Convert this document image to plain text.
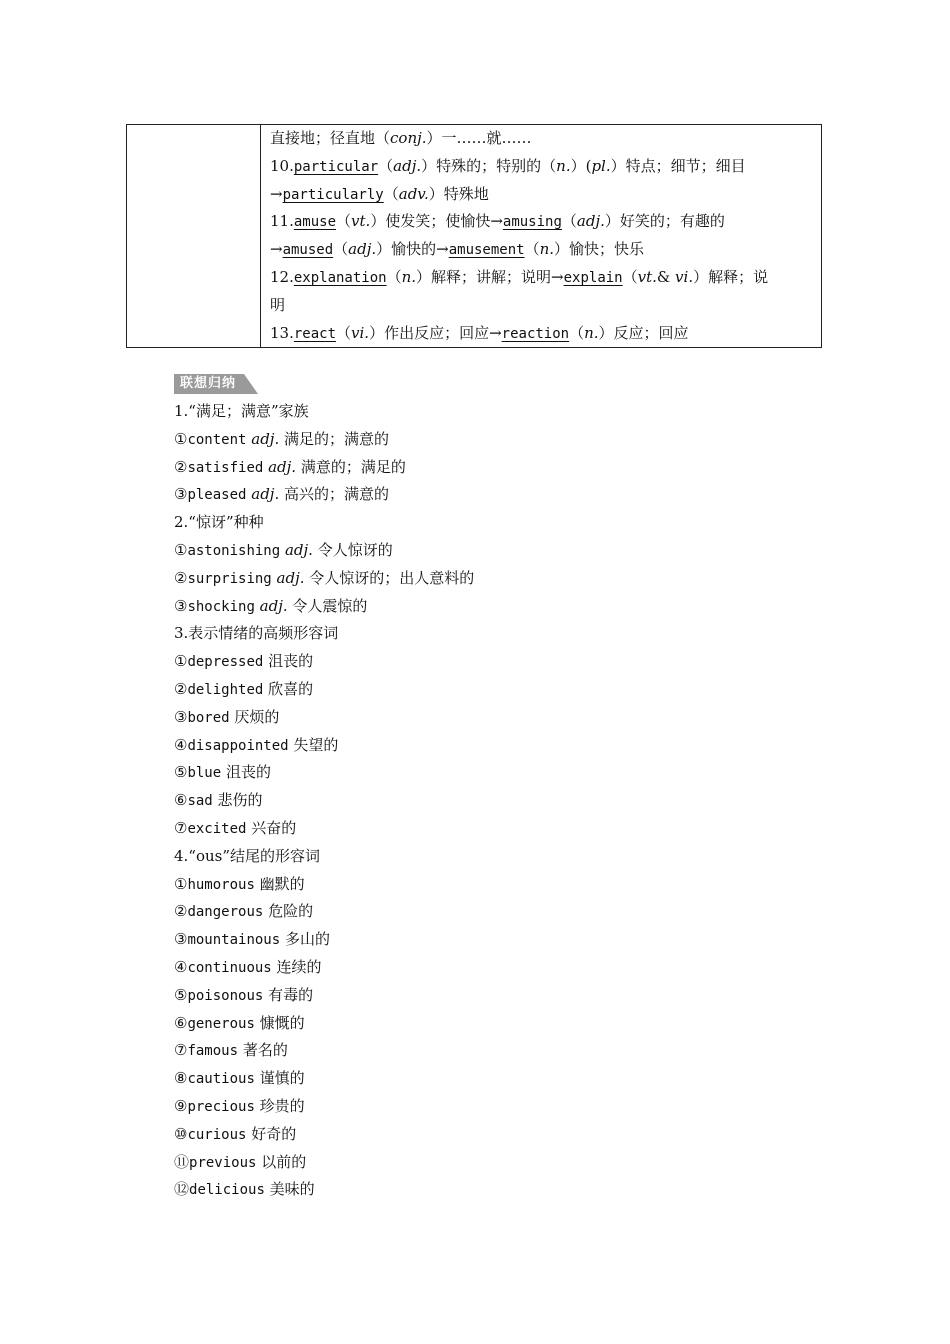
直接地；径直地（conj.）一……就……
10.particular（adj.）特殊的；特别的（n.）(pl.）特点；细节；细目
→particularly（adv.）特殊地
11.amuse（vt.）使发笑；使愉快→amusing（adj.）好笑的；有趣的
→amused（adj.）愉快的→amusement（n.）愉快；快乐
12.explanation（n.）解释；讲解；说明→explain（vt.& vi.）解释；说
明
13.react（vi.）作出反应；回应→reaction（n.）反应；回应
联想归纳
1.“满足；满意”家族
①content adj. 满足的；满意的
②satisfied adj. 满意的；满足的
③pleased adj. 高兴的；满意的
2.“惊讶”种种
①astonishing adj. 令人惊讶的
②surprising adj. 令人惊讶的；出人意料的
③shocking adj. 令人震惊的
3.表示情绪的高频形容词
①depressed 沮丧的
②delighted 欣喜的
③bored 厌烦的
④disappointed 失望的
⑤blue 沮丧的
⑥sad 悲伤的
⑦excited 兴奋的
4.“ous”结尾的形容词
①humorous 幽默的
②dangerous 危险的
③mountainous 多山的
④continuous 连续的
⑤poisonous 有毒的
⑥generous 慷慨的
⑦famous 著名的
⑧cautious 谨慎的
⑨precious 珍贵的
⑩curious 好奇的
⑪previous 以前的
⑫delicious 美味的
